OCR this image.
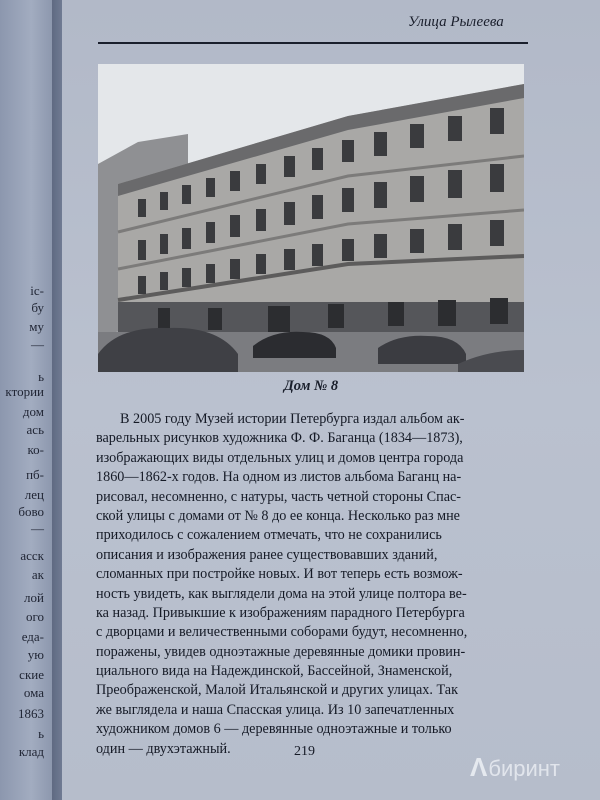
ic-
бу
му
—
ь
ктории
дом
ась
ко-
пб-
лец
бово
—
асск
ак
лой
ого
еда-
ую
ские
ома
1863
ь
клад
Улица Рылеева
Дом № 8
В 2005 году Музей истории Петербурга издал альбом ак-
варельных рисунков художника Ф. Ф. Баганца (1834—1873),
изображающих виды отдельных улиц и домов центра города
1860—1862-х годов. На одном из листов альбома Баганц на-
рисовал, несомненно, с натуры, часть четной стороны Спас-
ской улицы с домами от № 8 до ее конца. Несколько раз мне
приходилось с сожалением отмечать, что не сохранились
описания и изображения ранее существовавших зданий,
сломанных при постройке новых. И вот теперь есть возмож-
ность увидеть, как выглядели дома на этой улице полтора ве-
ка назад. Привыкшие к изображениям парадного Петербурга
с дворцами и величественными соборами будут, несомненно,
поражены, увидев одноэтажные деревянные домики провин-
циального вида на Надеждинской, Бассейной, Знаменской,
Преображенской, Малой Итальянской и других улицах. Так
же выглядела и наша Спасская улица. Из 10 запечатленных
художником домов 6 — деревянные одноэтажные и только
один — двухэтажный.	219
Λбиринт
